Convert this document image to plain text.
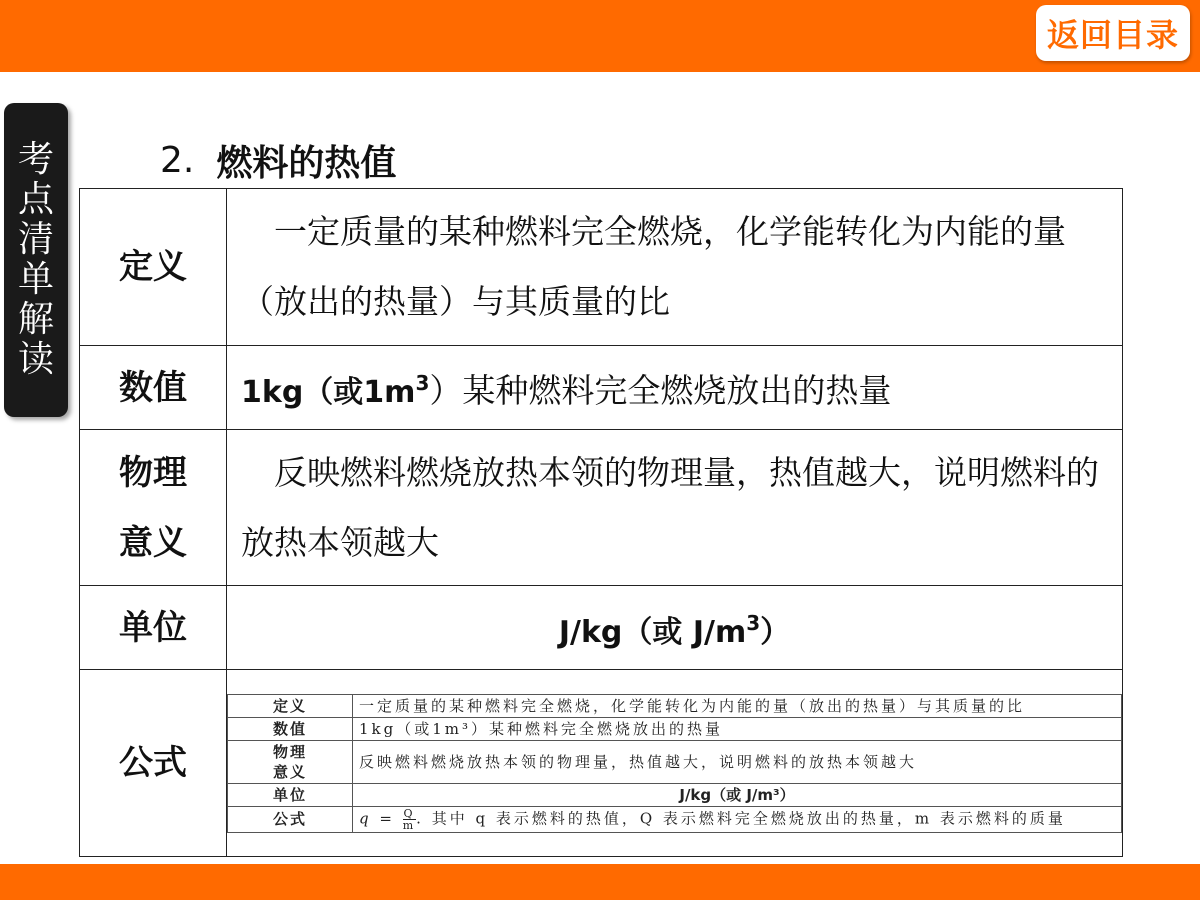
返回目录
考点清单解读
2. 燃料的热值
定义	一定质量的某种燃料完全燃烧，化学能转化为内能的量（放出的热量）与其质量的比
数值	1kg（或$1m^3$）某种燃料完全燃烧放出的热量
物理意义	反映燃料燃烧放热本领的物理量，热值越大，说明燃料的放热本领越大
单位	J/kg（或 $J/m^3$）
公式	
定义	一定质量的某种燃料完全燃烧，化学能转化为内能的量（放出的热量）与其质量的比
数值	1kg（或1m³）某种燃料完全燃烧放出的热量
物理意义	反映燃料燃烧放热本领的物理量，热值越大，说明燃料的放热本领越大
单位	J/kg（或 J/m³）
公式	$q = \frac{Q}{m}$ . 其中 q 表示燃料的热值，Q 表示燃料完全燃烧放出的热量，m 表示燃料的质量
